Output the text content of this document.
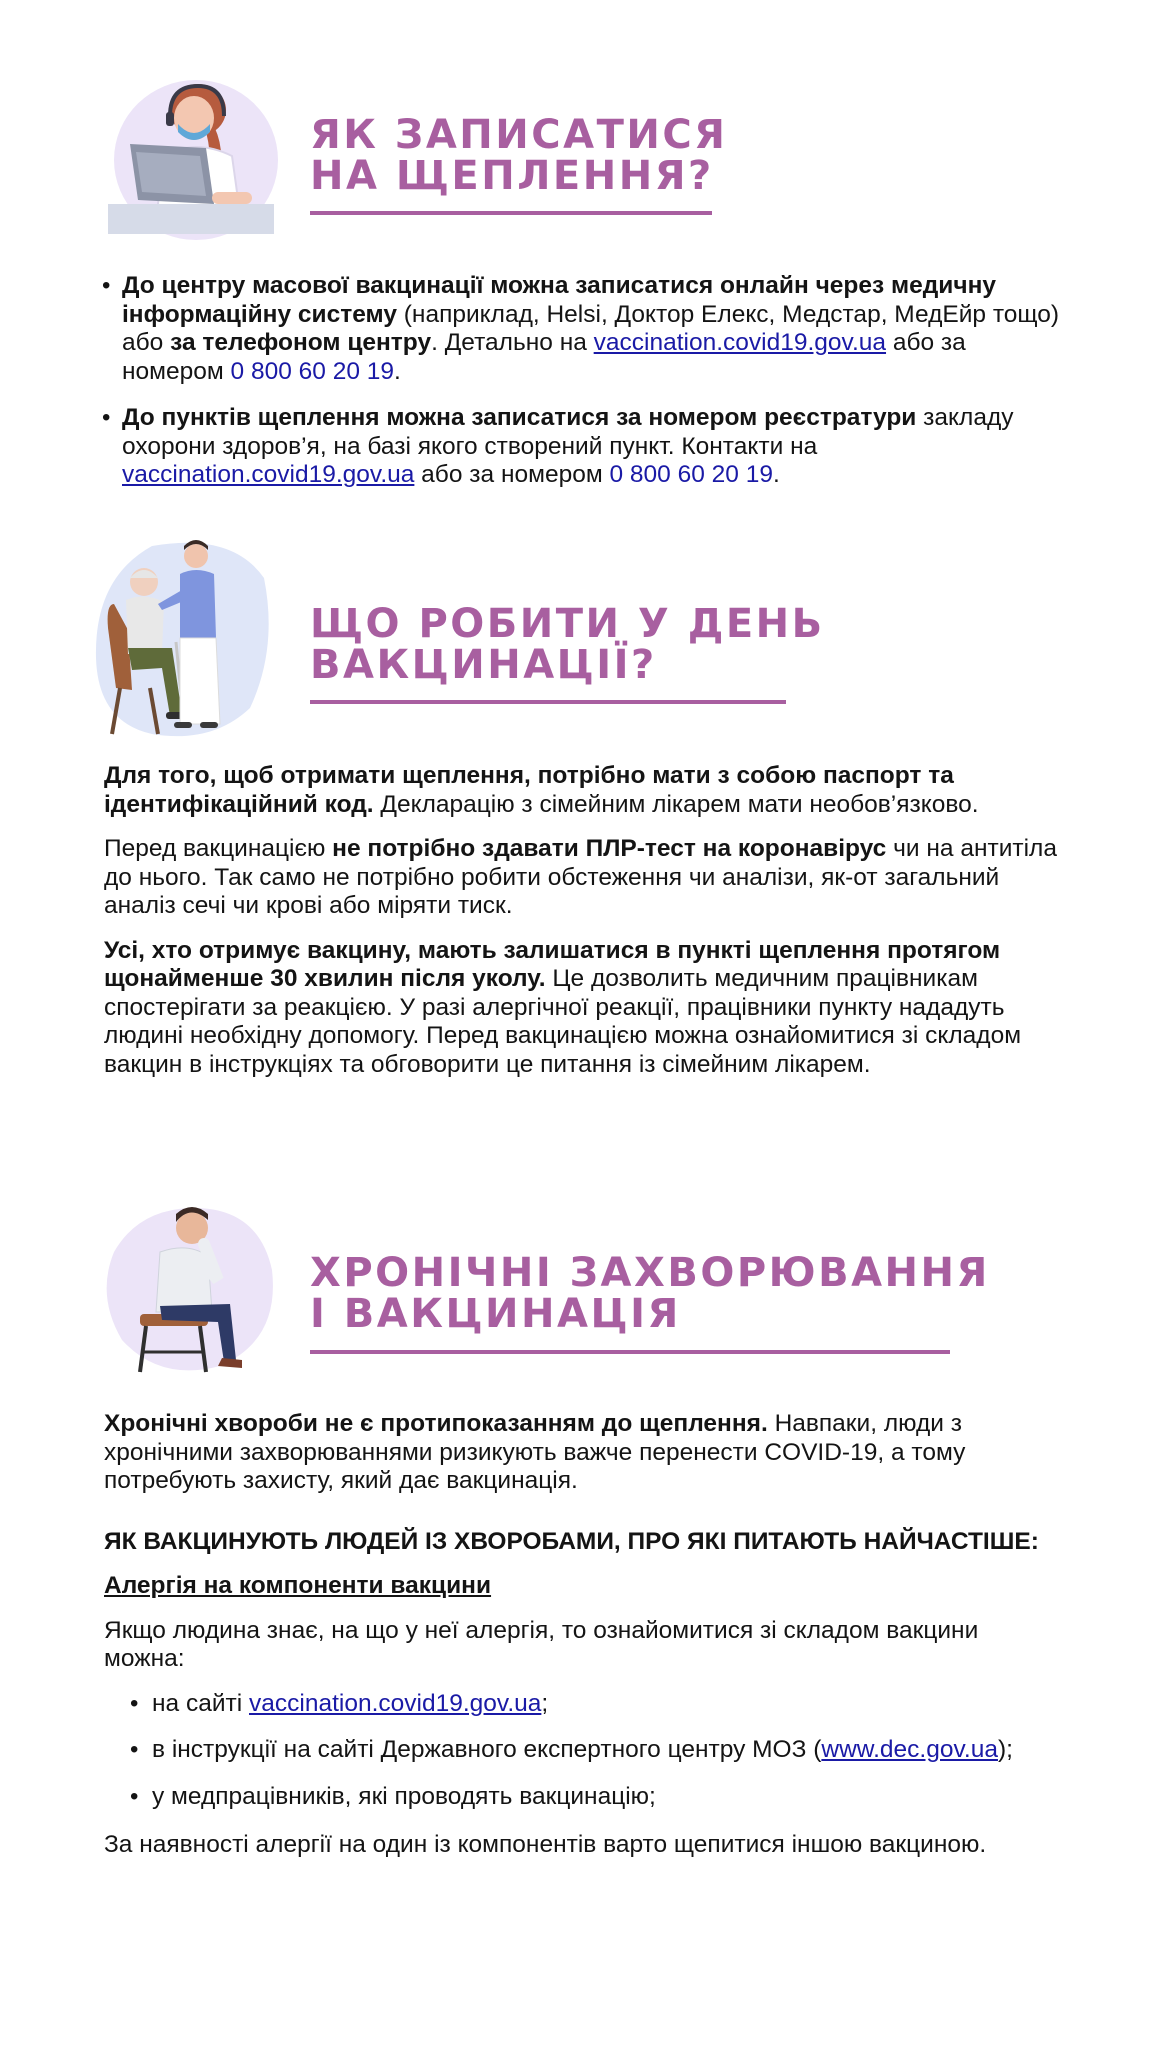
ЯК ЗАПИСАТИСЯ
НА ЩЕПЛЕННЯ?
• До центру масової вакцинації можна записатися онлайн через медичну інформаційну систему (наприклад, Helsi, Доктор Елекс, Медстар, МедЕйр тощо) або за телефоном центру. Детально на vaccination.covid19.gov.ua або за номером 0 800 60 20 19.
• До пунктів щеплення можна записатися за номером реєстратури закладу охорони здоров’я, на базі якого створений пункт. Контакти на vaccination.covid19.gov.ua або за номером 0 800 60 20 19.
ЩО РОБИТИ У ДЕНЬ
ВАКЦИНАЦІЇ?

Для того, щоб отримати щеплення, потрібно мати з собою паспорт та ідентифікаційний код. Декларацію з сімейним лікарем мати необов’язково.

Перед вакцинацією не потрібно здавати ПЛР-тест на коронавірус чи на антитіла до нього. Так само не потрібно робити обстеження чи аналізи, як-от загальний аналіз сечі чи крові або міряти тиск.

Усі, хто отримує вакцину, мають залишатися в пункті щеплення протягом щонайменше 30 хвилин після уколу. Це дозволить медичним працівникам спостерігати за реакцією. У разі алергічної реакції, працівники пункту нададуть людині необхідну допомогу. Перед вакцинацією можна ознайомитися зі складом вакцин в інструкціях та обговорити це питання із сімейним лікарем.

ХРОНІЧНІ ЗАХВОРЮВАННЯ
І ВАКЦИНАЦІЯ

Хронічні хвороби не є протипоказанням до щеплення. Навпаки, люди з хронічними захворюваннями ризикують важче перенести COVID-19, а тому потребують захисту, який дає вакцинація.

ЯК ВАКЦИНУЮТЬ ЛЮДЕЙ ІЗ ХВОРОБАМИ, ПРО ЯКІ ПИТАЮТЬ НАЙЧАСТІШЕ:

Алергія на компоненти вакцини

Якщо людина знає, на що у неї алергія, то ознайомитися зі складом вакцини можна:

• на сайті vaccination.covid19.gov.ua;
• в інструкції на сайті Державного експертного центру МОЗ (www.dec.gov.ua);
• у медпрацівників, які проводять вакцинацію;

За наявності алергії на один із компонентів варто щепитися іншою вакциною.
